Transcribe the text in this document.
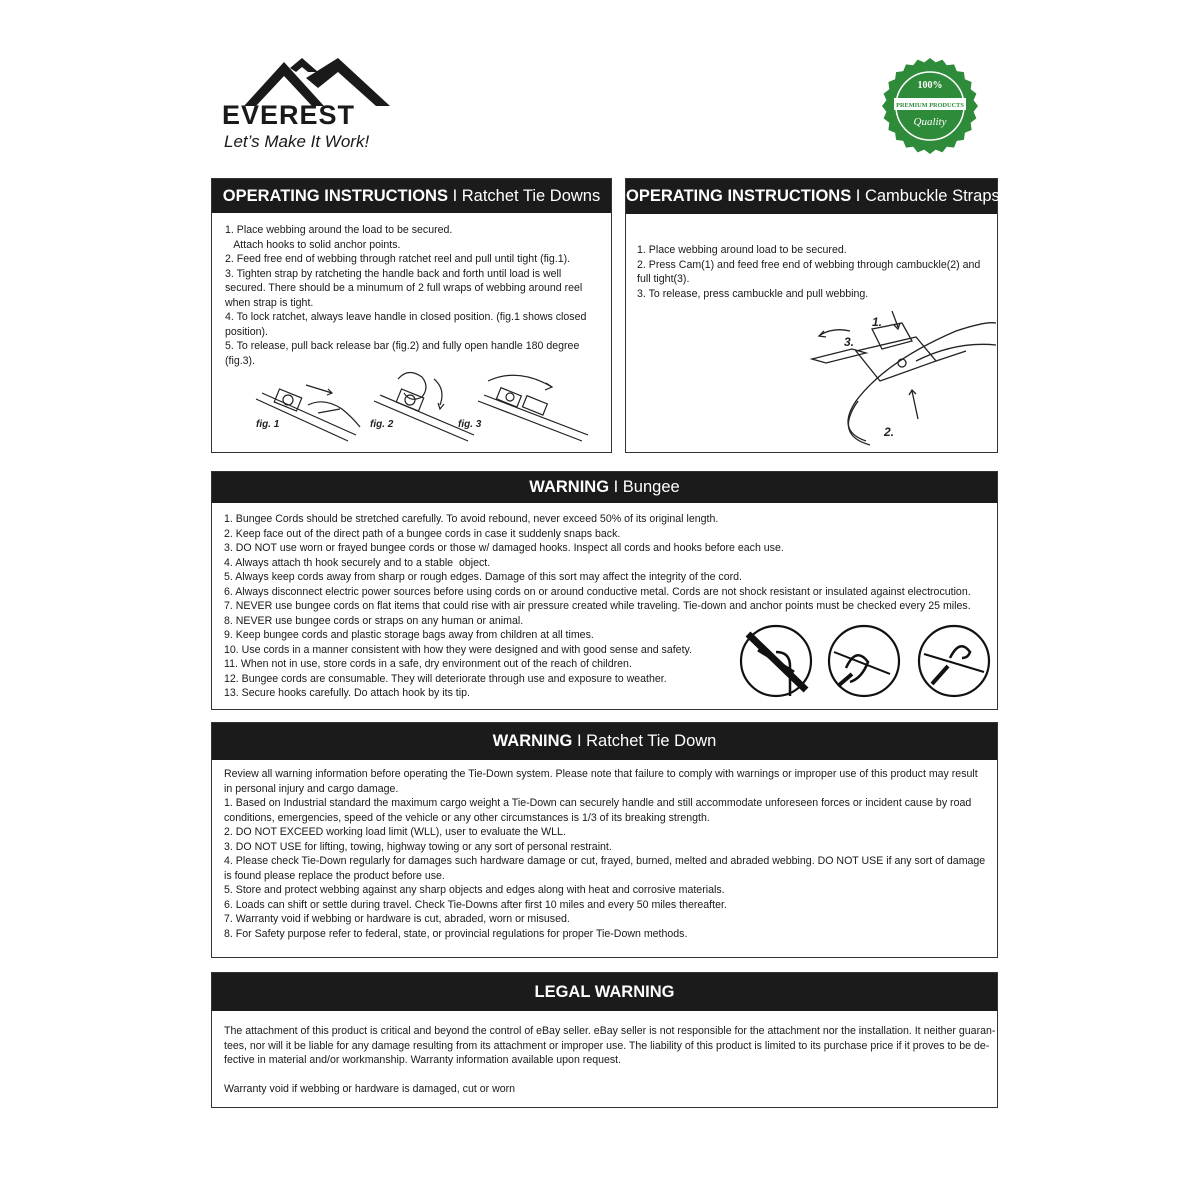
EVEREST
Let’s Make It Work!
100%
PREMIUM PRODUCTS
Quality
OPERATING INSTRUCTIONS I Ratchet Tie Downs
1. Place webbing around the load to be secured.
Attach hooks to solid anchor points.
2. Feed free end of webbing through ratchet reel and pull until tight (fig.1).
3. Tighten strap by ratcheting the handle back and forth until load is well
secured. There should be a minumum of 2 full wraps of webbing around reel
when strap is tight.
4. To lock ratchet, always leave handle in closed position. (fig.1 shows closed
position).
5. To release, pull back release bar (fig.2) and fully open handle 180 degree
(fig.3).
fig. 1	fig. 2	fig. 3
OPERATING INSTRUCTIONS I Cambuckle Straps
1. Place webbing around load to be secured.
2. Press Cam(1) and feed free end of webbing through cambuckle(2) and
full tight(3).
3. To release, press cambuckle and pull webbing.
1.
2.
3.
WARNING I Bungee
1. Bungee Cords should be stretched carefully. To avoid rebound, never exceed 50% of its original length.
2. Keep face out of the direct path of a bungee cords in case it suddenly snaps back.
3. DO NOT use worn or frayed bungee cords or those w/ damaged hooks. Inspect all cords and hooks before each use.
4. Always attach th hook securely and to a stable  object.
5. Always keep cords away from sharp or rough edges. Damage of this sort may affect the integrity of the cord.
6. Always disconnect electric power sources before using cords on or around conductive metal. Cords are not shock resistant or insulated against electrocution.
7. NEVER use bungee cords on flat items that could rise with air pressure created while traveling. Tie-down and anchor points must be checked every 25 miles.
8. NEVER use bungee cords or straps on any human or animal.
9. Keep bungee cords and plastic storage bags away from children at all times.
10. Use cords in a manner consistent with how they were designed and with good sense and safety.
11. When not in use, store cords in a safe, dry environment out of the reach of children.
12. Bungee cords are consumable. They will deteriorate through use and exposure to weather.
13. Secure hooks carefully. Do attach hook by its tip.
WARNING I Ratchet Tie Down
Review all warning information before operating the Tie-Down system. Please note that failure to comply with warnings or improper use of this product may result
in personal injury and cargo damage.
1. Based on Industrial standard the maximum cargo weight a Tie-Down can securely handle and still accommodate unforeseen forces or incident cause by road
conditions, emergencies, speed of the vehicle or any other circumstances is 1/3 of its breaking strength.
2. DO NOT EXCEED working load limit (WLL), user to evaluate the WLL.
3. DO NOT USE for lifting, towing, highway towing or any sort of personal restraint.
4. Please check Tie-Down regularly for damages such hardware damage or cut, frayed, burned, melted and abraded webbing. DO NOT USE if any sort of damage
is found please replace the product before use.
5. Store and protect webbing against any sharp objects and edges along with heat and corrosive materials.
6. Loads can shift or settle during travel. Check Tie-Downs after first 10 miles and every 50 miles thereafter.
7. Warranty void if webbing or hardware is cut, abraded, worn or misused.
8. For Safety purpose refer to federal, state, or provincial regulations for proper Tie-Down methods.
LEGAL WARNING
The attachment of this product is critical and beyond the control of eBay seller. eBay seller is not responsible for the attachment nor the installation. It neither guaran-
tees, nor will it be liable for any damage resulting from its attachment or improper use. The liability of this product is limited to its purchase price if it proves to be de-
fective in material and/or workmanship. Warranty information available upon request.
Warranty void if webbing or hardware is damaged, cut or worn
